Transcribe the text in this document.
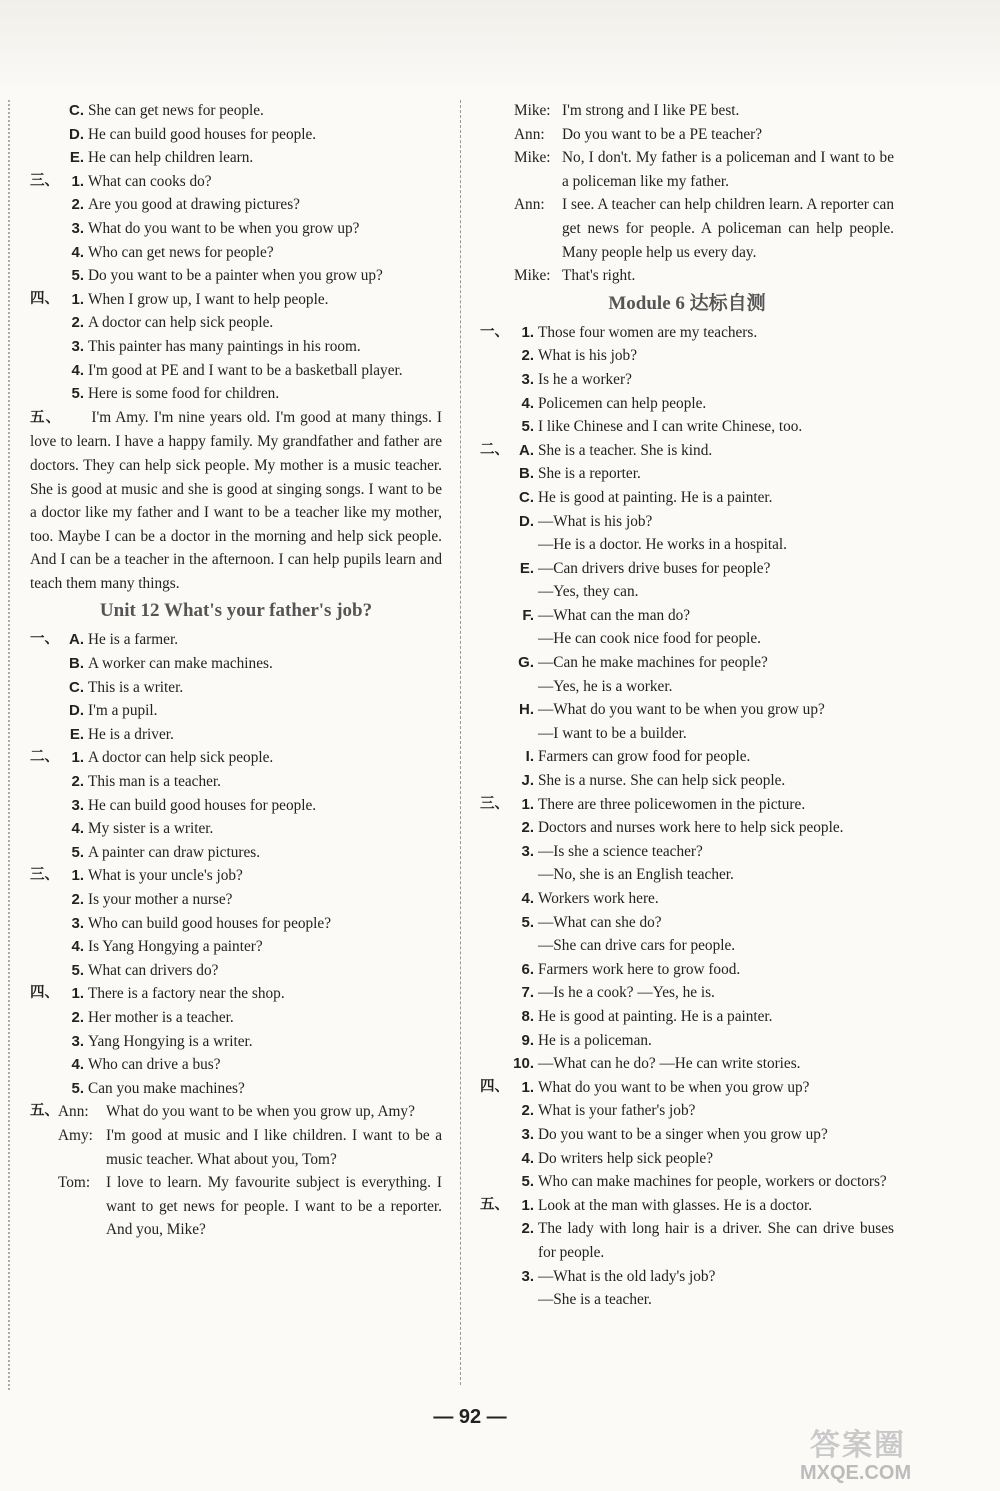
C. She can get news for people.
D. He can build good houses for people.
E. He can help children learn.
三、 1. What can cooks do?
2. Are you good at drawing pictures?
3. What do you want to be when you grow up?
4. Who can get news for people?
5. Do you want to be a painter when you grow up?
四、 1. When I grow up, I want to help people.
2. A doctor can help sick people.
3. This painter has many paintings in his room.
4. I'm good at PE and I want to be a basketball player.
5. Here is some food for children.
五、 I'm Amy. I'm nine years old. I'm good at many things. I love to learn. I have a happy family. My grandfather and father are doctors. They can help sick people. My mother is a music teacher. She is good at music and she is good at singing songs. I want to be a doctor like my father and I want to be a teacher like my mother, too. Maybe I can be a doctor in the morning and help sick people. And I can be a teacher in the afternoon. I can help pupils learn and teach them many things.
Unit 12 What's your father's job?
一、 A. He is a farmer.
B. A worker can make machines.
C. This is a writer.
D. I'm a pupil.
E. He is a driver.
二、 1. A doctor can help sick people.
2. This man is a teacher.
3. He can build good houses for people.
4. My sister is a writer.
5. A painter can draw pictures.
三、 1. What is your uncle's job?
2. Is your mother a nurse?
3. Who can build good houses for people?
4. Is Yang Hongying a painter?
5. What can drivers do?
四、 1. There is a factory near the shop.
2. Her mother is a teacher.
3. Yang Hongying is a writer.
4. Who can drive a bus?
5. Can you make machines?
五、 Ann: What do you want to be when you grow up, Amy?
Amy: I'm good at music and I like children. I want to be a music teacher. What about you, Tom?
Tom: I love to learn. My favourite subject is everything. I want to get news for people. I want to be a reporter. And you, Mike?
Mike: I'm strong and I like PE best.
Ann: Do you want to be a PE teacher?
Mike: No, I don't. My father is a policeman and I want to be a policeman like my father.
Ann: I see. A teacher can help children learn. A reporter can get news for people. A policeman can help people. Many people help us every day.
Mike: That's right.
Module 6 达标自测
一、 1. Those four women are my teachers.
2. What is his job?
3. Is he a worker?
4. Policemen can help people.
5. I like Chinese and I can write Chinese, too.
二、 A. She is a teacher. She is kind.
B. She is a reporter.
C. He is good at painting. He is a painter.
D. —What is his job?
—He is a doctor. He works in a hospital.
E. —Can drivers drive buses for people?
—Yes, they can.
F. —What can the man do?
—He can cook nice food for people.
G. —Can he make machines for people?
—Yes, he is a worker.
H. —What do you want to be when you grow up?
—I want to be a builder.
I. Farmers can grow food for people.
J. She is a nurse. She can help sick people.
三、 1. There are three policewomen in the picture.
2. Doctors and nurses work here to help sick people.
3. —Is she a science teacher?
—No, she is an English teacher.
4. Workers work here.
5. —What can she do?
—She can drive cars for people.
6. Farmers work here to grow food.
7. —Is he a cook? —Yes, he is.
8. He is good at painting. He is a painter.
9. He is a policeman.
10. —What can he do? —He can write stories.
四、 1. What do you want to be when you grow up?
2. What is your father's job?
3. Do you want to be a singer when you grow up?
4. Do writers help sick people?
5. Who can make machines for people, workers or doctors?
五、 1. Look at the man with glasses. He is a doctor.
2. The lady with long hair is a driver. She can drive buses for people.
3. —What is the old lady's job?
—She is a teacher.
— 92 —
答案圈
MXQE.COM
